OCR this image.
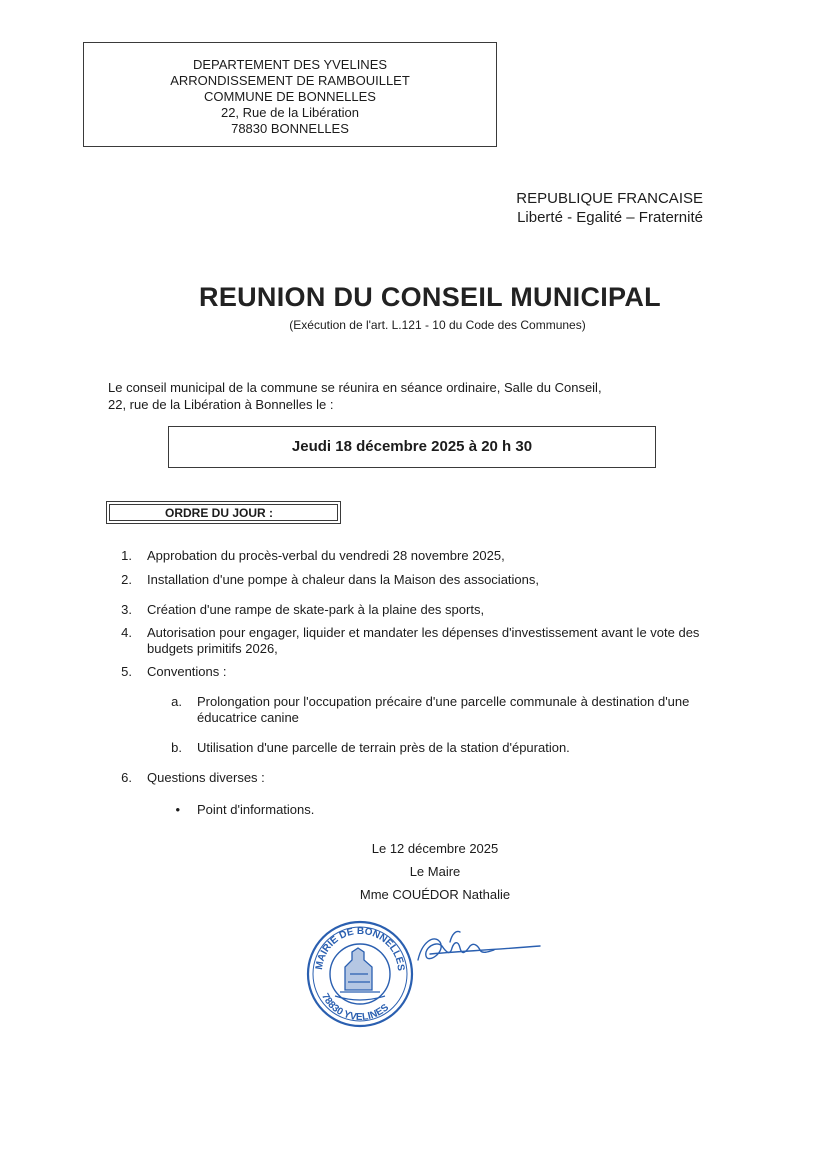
DEPARTEMENT DES YVELINES
ARRONDISSEMENT DE RAMBOUILLET
COMMUNE DE BONNELLES
22, Rue de la Libération
78830 BONNELLES
REPUBLIQUE FRANCAISE
Liberté - Egalité – Fraternité
REUNION DU CONSEIL MUNICIPAL
(Exécution de l'art. L.121 - 10 du Code des Communes)
Le conseil municipal de la commune se réunira en séance ordinaire, Salle du Conseil,
22, rue de la Libération à Bonnelles le :
Jeudi 18 décembre 2025 à 20 h 30
ORDRE DU JOUR :
1. Approbation du procès-verbal du vendredi 28 novembre 2025,
2. Installation d'une pompe à chaleur dans la Maison des associations,
3. Création d'une rampe de skate-park à la plaine des sports,
4. Autorisation pour engager, liquider et mandater les dépenses d'investissement avant le vote des
budgets primitifs 2026,
5. Conventions :
a. Prolongation pour l'occupation précaire d'une parcelle communale à destination d'une
éducatrice canine
b. Utilisation d'une parcelle de terrain près de la station d'épuration.
6. Questions diverses :
• Point d'informations.
Le 12 décembre 2025
Le Maire
Mme COUÉDOR Nathalie
MAIRIE DE BONNELLES
78830 YVELINES
